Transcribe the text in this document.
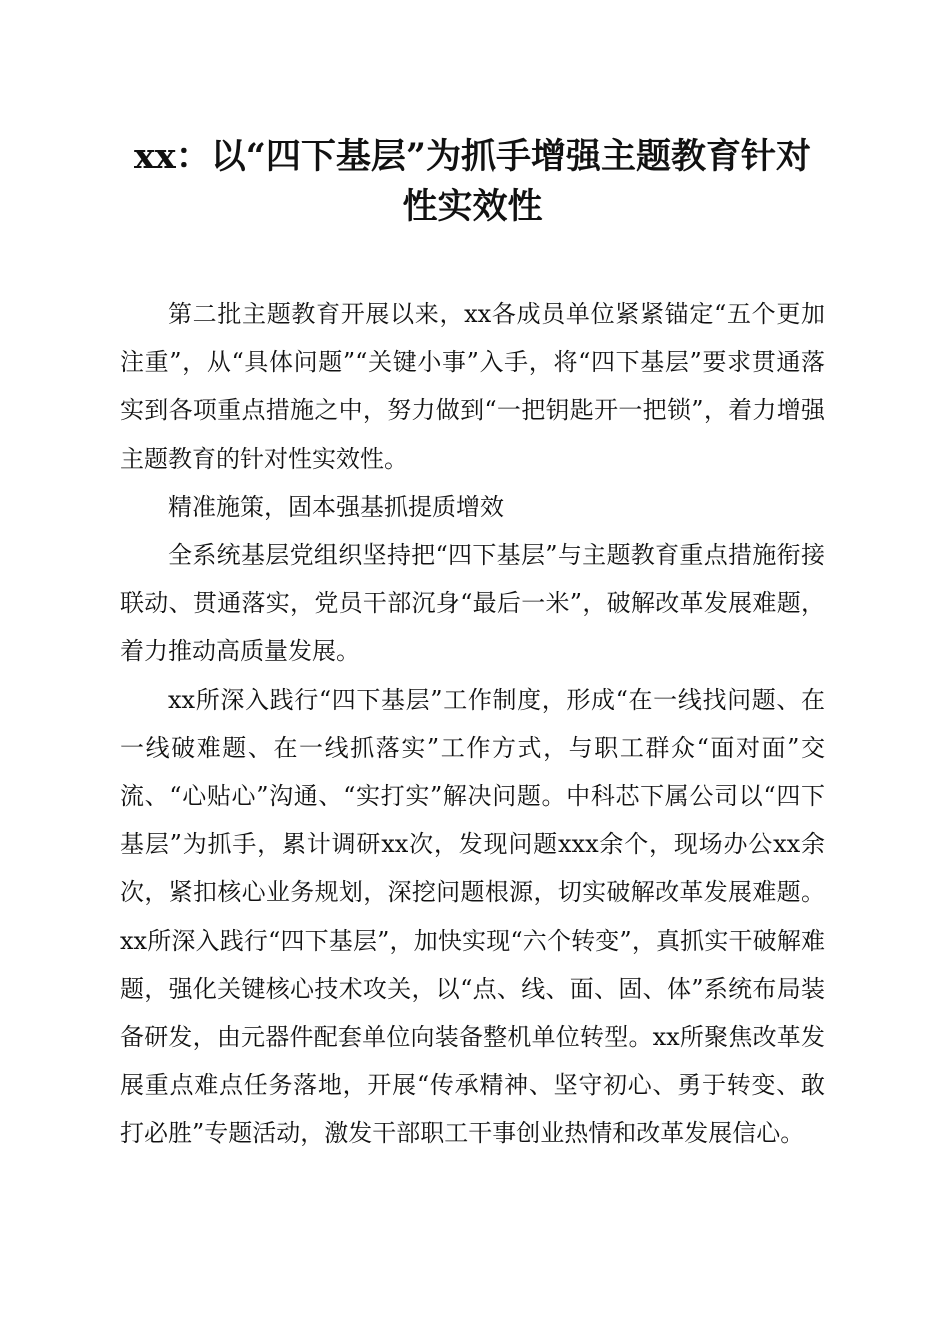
xx：以“四下基层”为抓手增强主题教育针对性实效性

第二批主题教育开展以来，xx各成员单位紧紧锚定“五个更加注重”，从“具体问题”“关键小事”入手，将“四下基层”要求贯通落实到各项重点措施之中，努力做到“一把钥匙开一把锁”，着力增强主题教育的针对性实效性。

精准施策，固本强基抓提质增效

全系统基层党组织坚持把“四下基层”与主题教育重点措施衔接联动、贯通落实，党员干部沉身“最后一米”，破解改革发展难题，着力推动高质量发展。

xx所深入践行“四下基层”工作制度，形成“在一线找问题、在一线破难题、在一线抓落实”工作方式，与职工群众“面对面”交流、“心贴心”沟通、“实打实”解决问题。中科芯下属公司以“四下基层”为抓手，累计调研xx次，发现问题xxx余个，现场办公xx余次，紧扣核心业务规划，深挖问题根源，切实破解改革发展难题。xx所深入践行“四下基层”，加快实现“六个转变”，真抓实干破解难题，强化关键核心技术攻关，以“点、线、面、固、体”系统布局装备研发，由元器件配套单位向装备整机单位转型。xx所聚焦改革发展重点难点任务落地，开展“传承精神、坚守初心、勇于转变、敢打必胜”专题活动，激发干部职工干事创业热情和改革发展信心。
